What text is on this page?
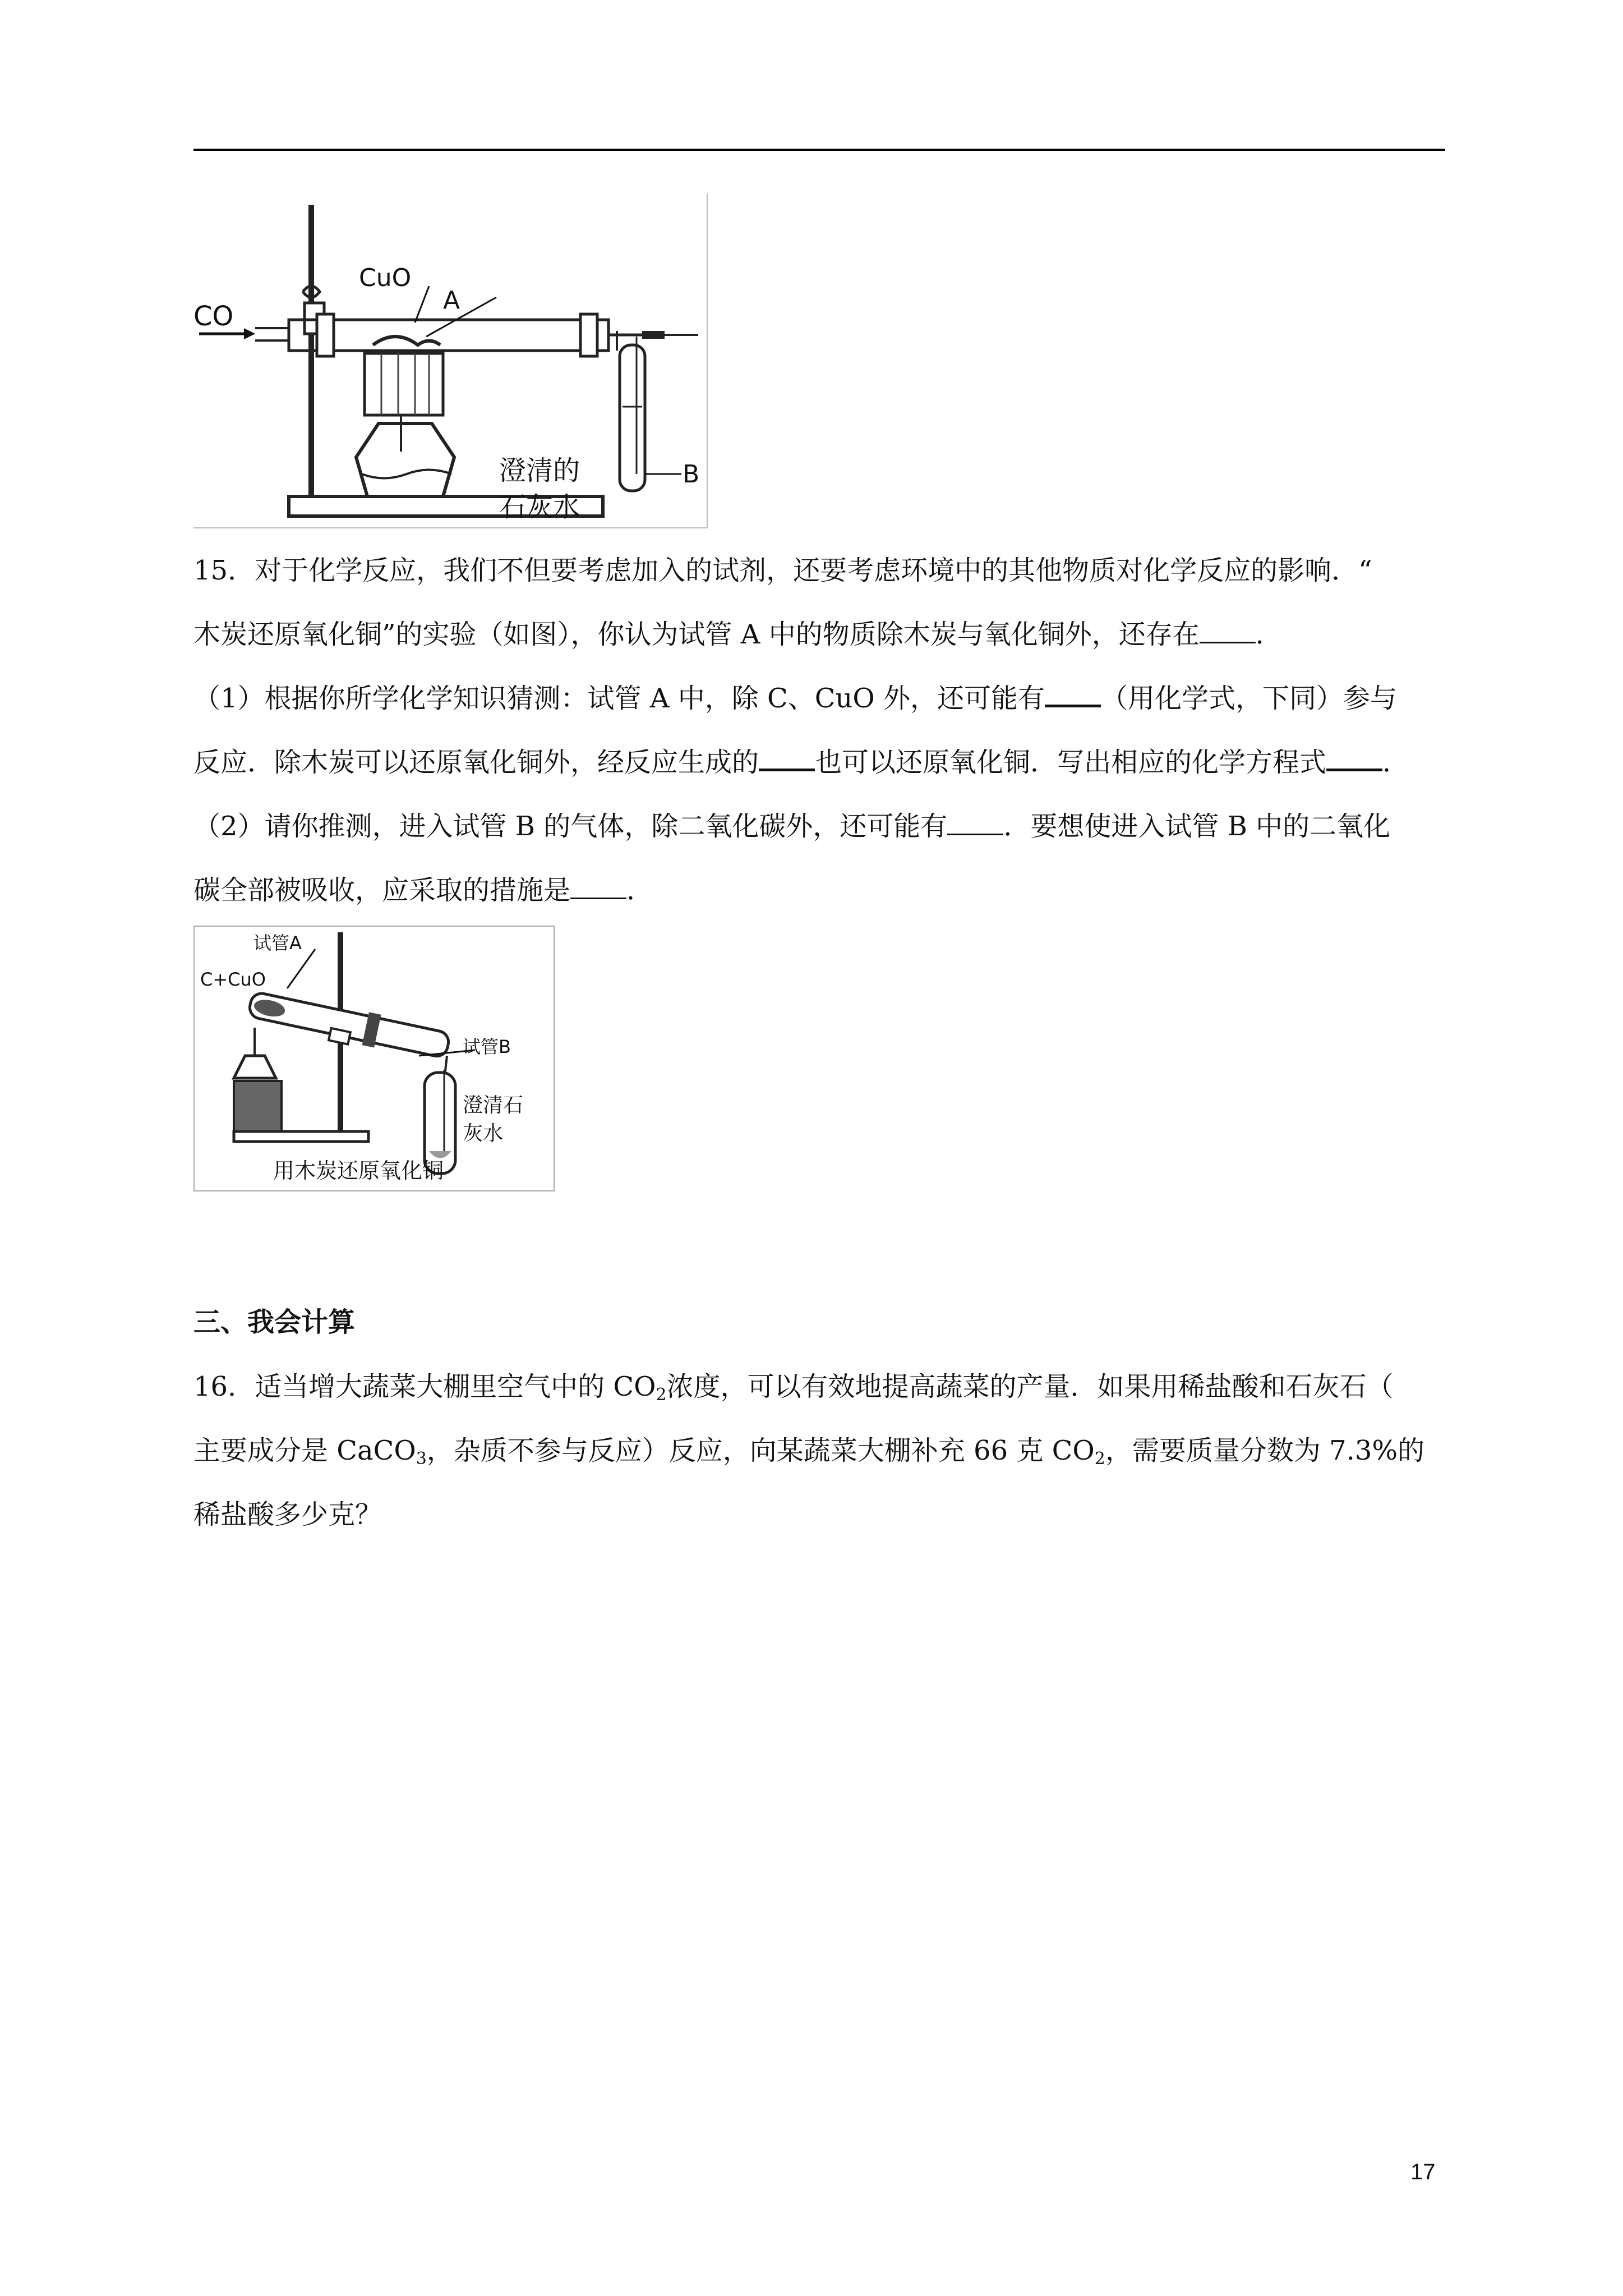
CO
CuO
A
B
澄清的
石灰水
15．对于化学反应，我们不但要考虑加入的试剂，还要考虑环境中的其他物质对化学反应的影响．“
木炭还原氧化铜”的实验（如图），你认为试管 A 中的物质除木炭与氧化铜外，还存在 ．
（1）根据你所学化学知识猜测：试管 A 中，除 C、CuO 外，还可能有 （用化学式，下同）参与
反应．除木炭可以还原氧化铜外，经反应生成的 也可以还原氧化铜．写出相应的化学方程式 ．
（2）请你推测，进入试管 B 的气体，除二氧化碳外，还可能有 ．要想使进入试管 B 中的二氧化
碳全部被吸收，应采取的措施是 ．
试管A
C+CuO
试管B
澄清石
灰水
用木炭还原氧化铜
三、我会计算
16．适当增大蔬菜大棚里空气中的 $CO_2$浓度，可以有效地提高蔬菜的产量．如果用稀盐酸和石灰石（
主要成分是 CaCO$_3$，杂质不参与反应）反应，向某蔬菜大棚补充 66 克 $CO_2$，需要质量分数为 7.3%的
稀盐酸多少克？
17
